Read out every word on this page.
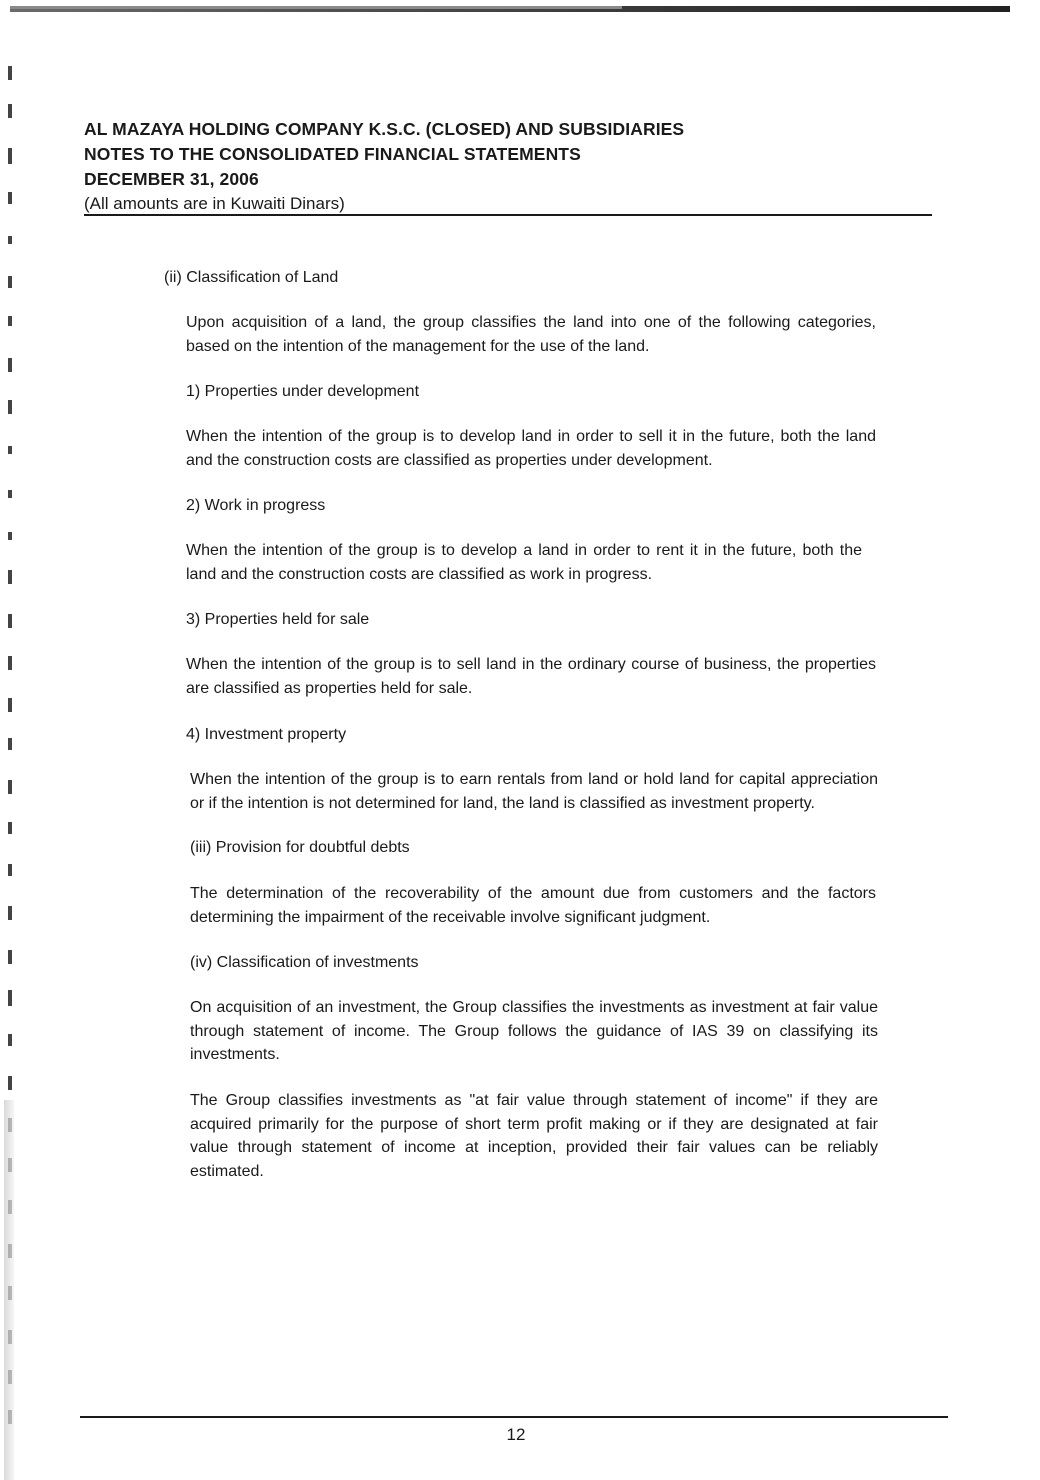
AL MAZAYA HOLDING COMPANY K.S.C. (CLOSED) AND SUBSIDIARIES
NOTES TO THE CONSOLIDATED FINANCIAL STATEMENTS
DECEMBER 31, 2006
(All amounts are in Kuwaiti Dinars)
(ii) Classification of Land
Upon acquisition of a land, the group classifies the land into one of the following categories, based on the intention of the management for the use of the land.
1) Properties under development
When the intention of the group is to develop land in order to sell it in the future, both the land and the construction costs are classified as properties under development.
2) Work in progress
When the intention of the group is to develop a land in order to rent it in the future, both the land and the construction costs are classified as work in progress.
3) Properties held for sale
When the intention of the group is to sell land in the ordinary course of business, the properties are classified as properties held for sale.
4) Investment property
When the intention of the group is to earn rentals from land or hold land for capital appreciation or if the intention is not determined for land, the land is classified as investment property.
(iii) Provision for doubtful debts
The determination of the recoverability of the amount due from customers and the factors determining the impairment of the receivable involve significant judgment.
(iv) Classification of investments
On acquisition of an investment, the Group classifies the investments as investment at fair value through statement of income. The Group follows the guidance of IAS 39 on classifying its investments.
The Group classifies investments as "at fair value through statement of income" if they are acquired primarily for the purpose of short term profit making or if they are designated at fair value through statement of income at inception, provided their fair values can be reliably estimated.
12
